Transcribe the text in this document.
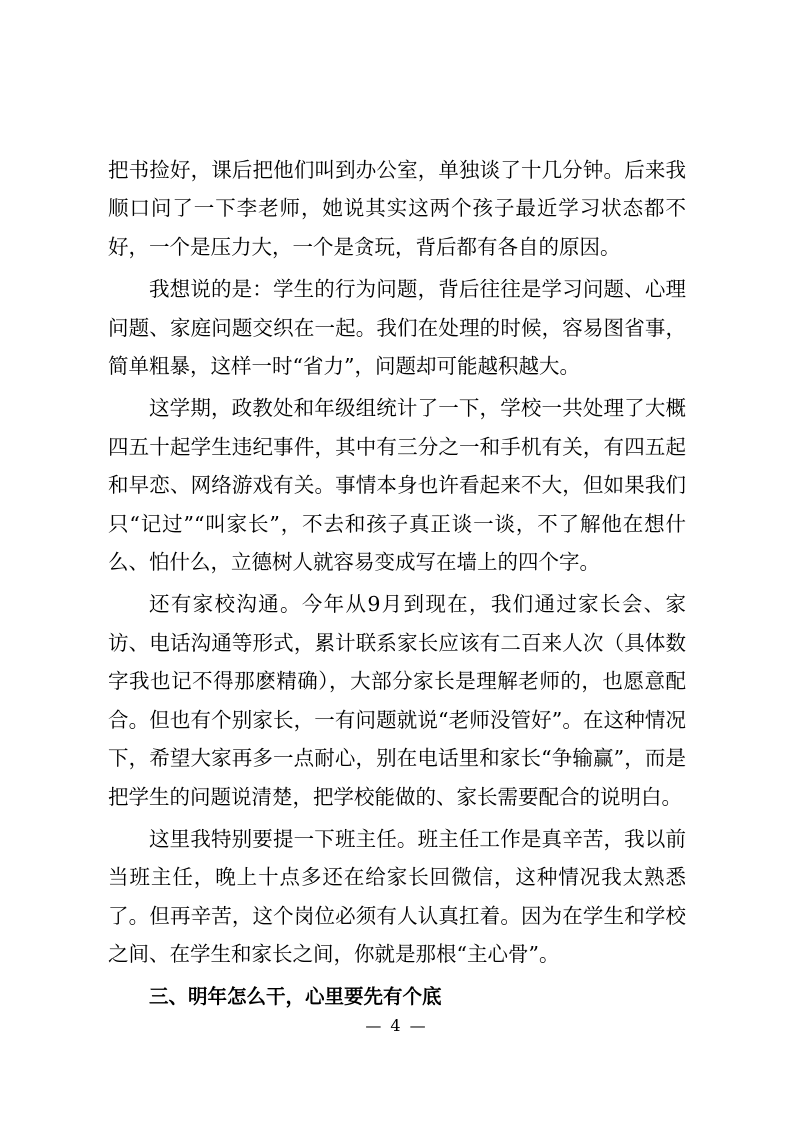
把书捡好，课后把他们叫到办公室，单独谈了十几分钟。后来我顺口问了一下李老师，她说其实这两个孩子最近学习状态都不好，一个是压力大，一个是贪玩，背后都有各自的原因。

我想说的是：学生的行为问题，背后往往是学习问题、心理问题、家庭问题交织在一起。我们在处理的时候，容易图省事，简单粗暴，这样一时“省力”，问题却可能越积越大。

这学期，政教处和年级组统计了一下，学校一共处理了大概四五十起学生违纪事件，其中有三分之一和手机有关，有四五起和早恋、网络游戏有关。事情本身也许看起来不大，但如果我们只“记过”“叫家长”，不去和孩子真正谈一谈，不了解他在想什么、怕什么，立德树人就容易变成写在墙上的四个字。

还有家校沟通。今年从9月到现在，我们通过家长会、家访、电话沟通等形式，累计联系家长应该有二百来人次（具体数字我也记不得那麽精确），大部分家长是理解老师的，也愿意配合。但也有个别家长，一有问题就说“老师没管好”。在这种情况下，希望大家再多一点耐心，别在电话里和家长“争输赢”，而是把学生的问题说清楚，把学校能做的、家长需要配合的说明白。

这里我特别要提一下班主任。班主任工作是真辛苦，我以前当班主任，晚上十点多还在给家长回微信，这种情况我太熟悉了。但再辛苦，这个岗位必须有人认真扛着。因为在学生和学校之间、在学生和家长之间，你就是那根“主心骨”。

三、明年怎么干，心里要先有个底

— 4 —
